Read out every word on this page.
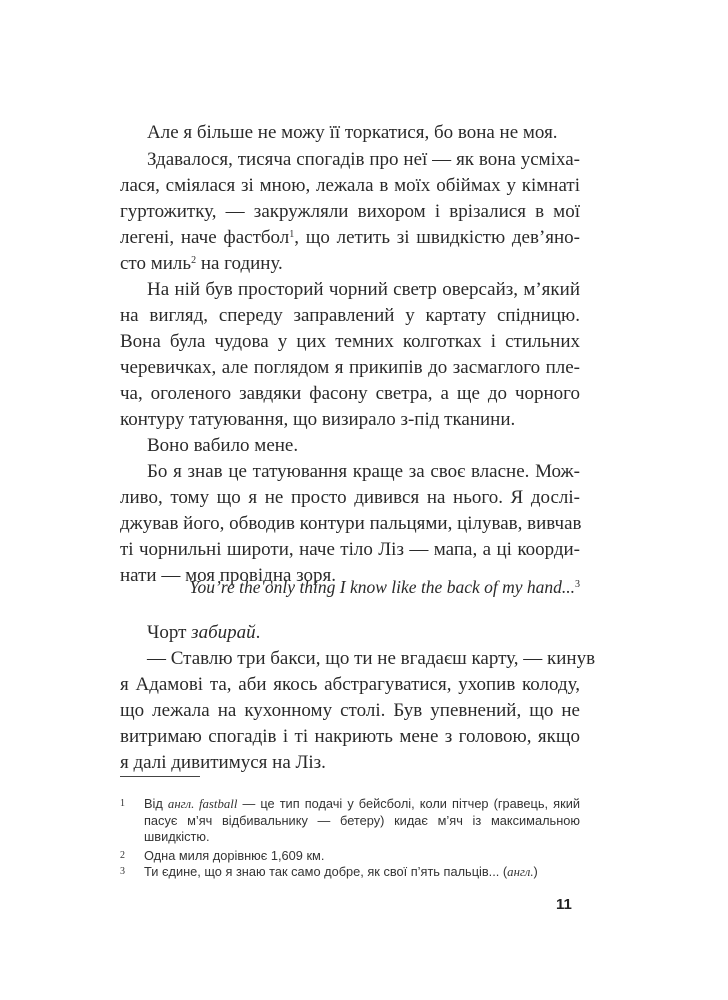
Але я більше не можу її торкатися, бо вона не моя.

Здавалося, тисяча спогадів про неї — як вона усміха-

лася, сміялася зі мною, лежала в моїх обіймах у кімнаті

гуртожитку, — закружляли вихором і врізалися в мої

легені, наче фастбол$^1$, що летить зі швидкістю дев’яно-

сто миль$^2$ на годину.

На ній був просторий чорний светр оверсайз, м’який

на вигляд, спереду заправлений у картату спідницю.

Вона була чудова у цих темних колготках і стильних

черевичках, але поглядом я прикипів до засмаглого пле-

ча, оголеного завдяки фасону светра, а ще до чорного

контуру татуювання, що визирало з-під тканини.

Воно вабило мене.

Бо я знав це татуювання краще за своє власне. Мож-

ливо, тому що я не просто дивився на нього. Я дослі-

джував його, обводив контури пальцями, цілував, вивчав

ті чорнильні широти, наче тіло Ліз — мапа, а ці коорди-

нати — моя провідна зоря.

You’re the only thing I know like the back of my hand...$^3$

Чорт забирай.

— Ставлю три бакси, що ти не вгадаєш карту, — кинув

я Адамові та, аби якось абстрагуватися, ухопив колоду,

що лежала на кухонному столі. Був упевнений, що не

витримаю спогадів і ті накриють мене з головою, якщо

я далі дивитимуся на Ліз.

1 Від англ. fastball — це тип подачі у бейсболі, коли пітчер (гравець, який пасує м’яч відбивальнику — бетеру) кидає м’яч із максимальною швидкістю.
2 Одна миля дорівнює 1,609 км.
3 Ти єдине, що я знаю так само добре, як свої п’ять пальців... (англ.)
11
